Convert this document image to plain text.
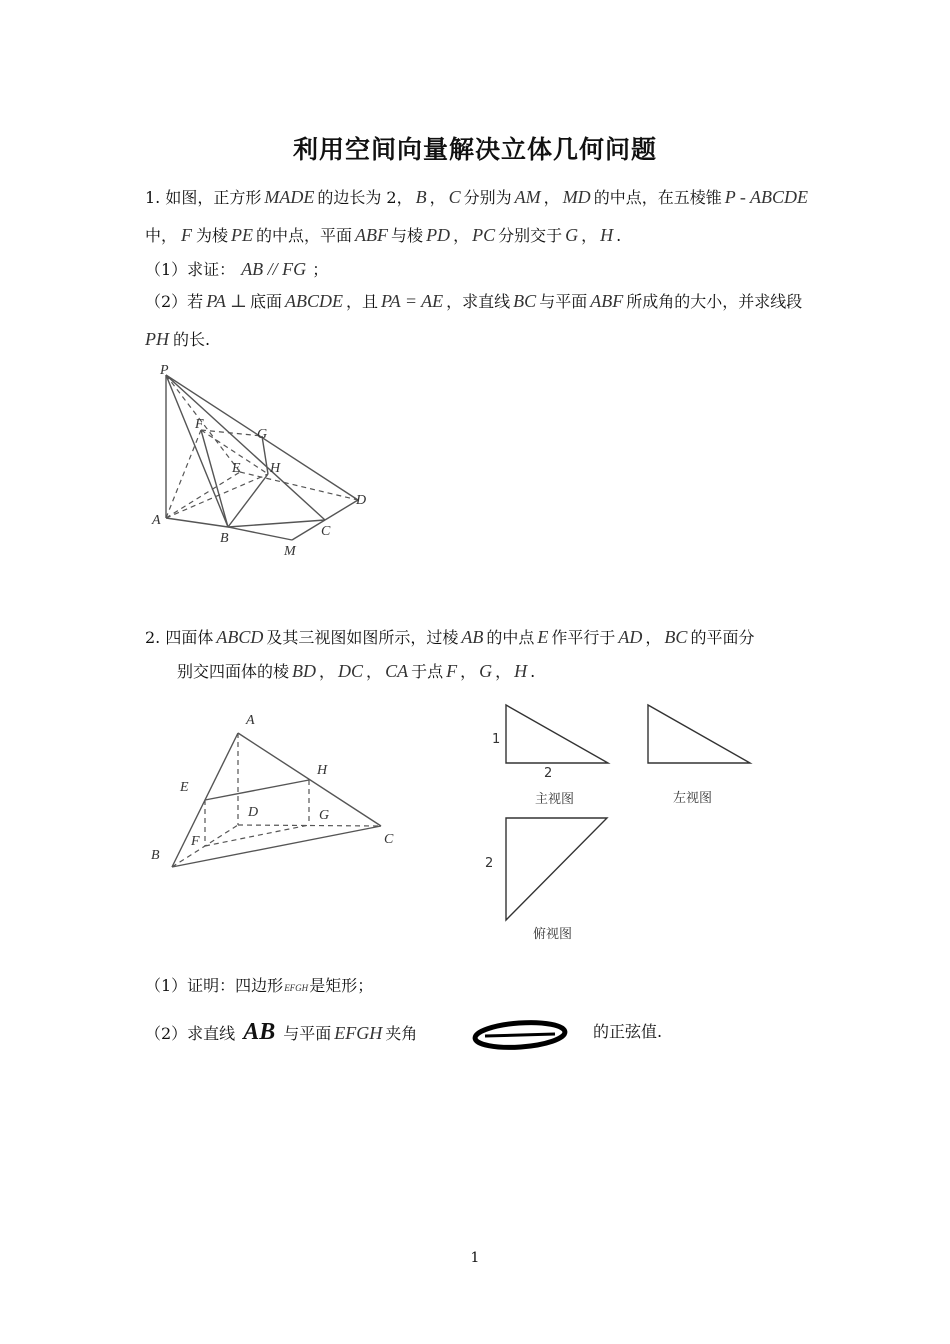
利用空间向量解决立体几何问题
1. 如图，正方形 MADE 的边长为 2， B ， C 分别为 AM ， MD 的中点，在五棱锥 P - ABCDE
中， F 为棱 PE 的中点，平面 ABF 与棱 PD ， PC 分别交于 G ， H .
（1）求证： AB // FG ；
（2）若 PA ⊥ 底面 ABCDE ，且 PA = AE ，求直线 BC 与平面 ABF 所成角的大小，并求线段
PH 的长.
P
F
G
E H
D
A
B	C
M
2. 四面体 ABCD 及其三视图如图所示，过棱 AB 的中点 E 作平行于 AD ， BC 的平面分
别交四面体的棱 BD ， DC ， CA 于点 F ， G ， H .
A
E
H
D	G
F
B
C
1
2
主视图	左视图
2
俯视图
（1）证明：四边形EFGH是矩形；
（2）求直线 AB 与平面 EFGH 夹角
θ
的正弦值.
1
